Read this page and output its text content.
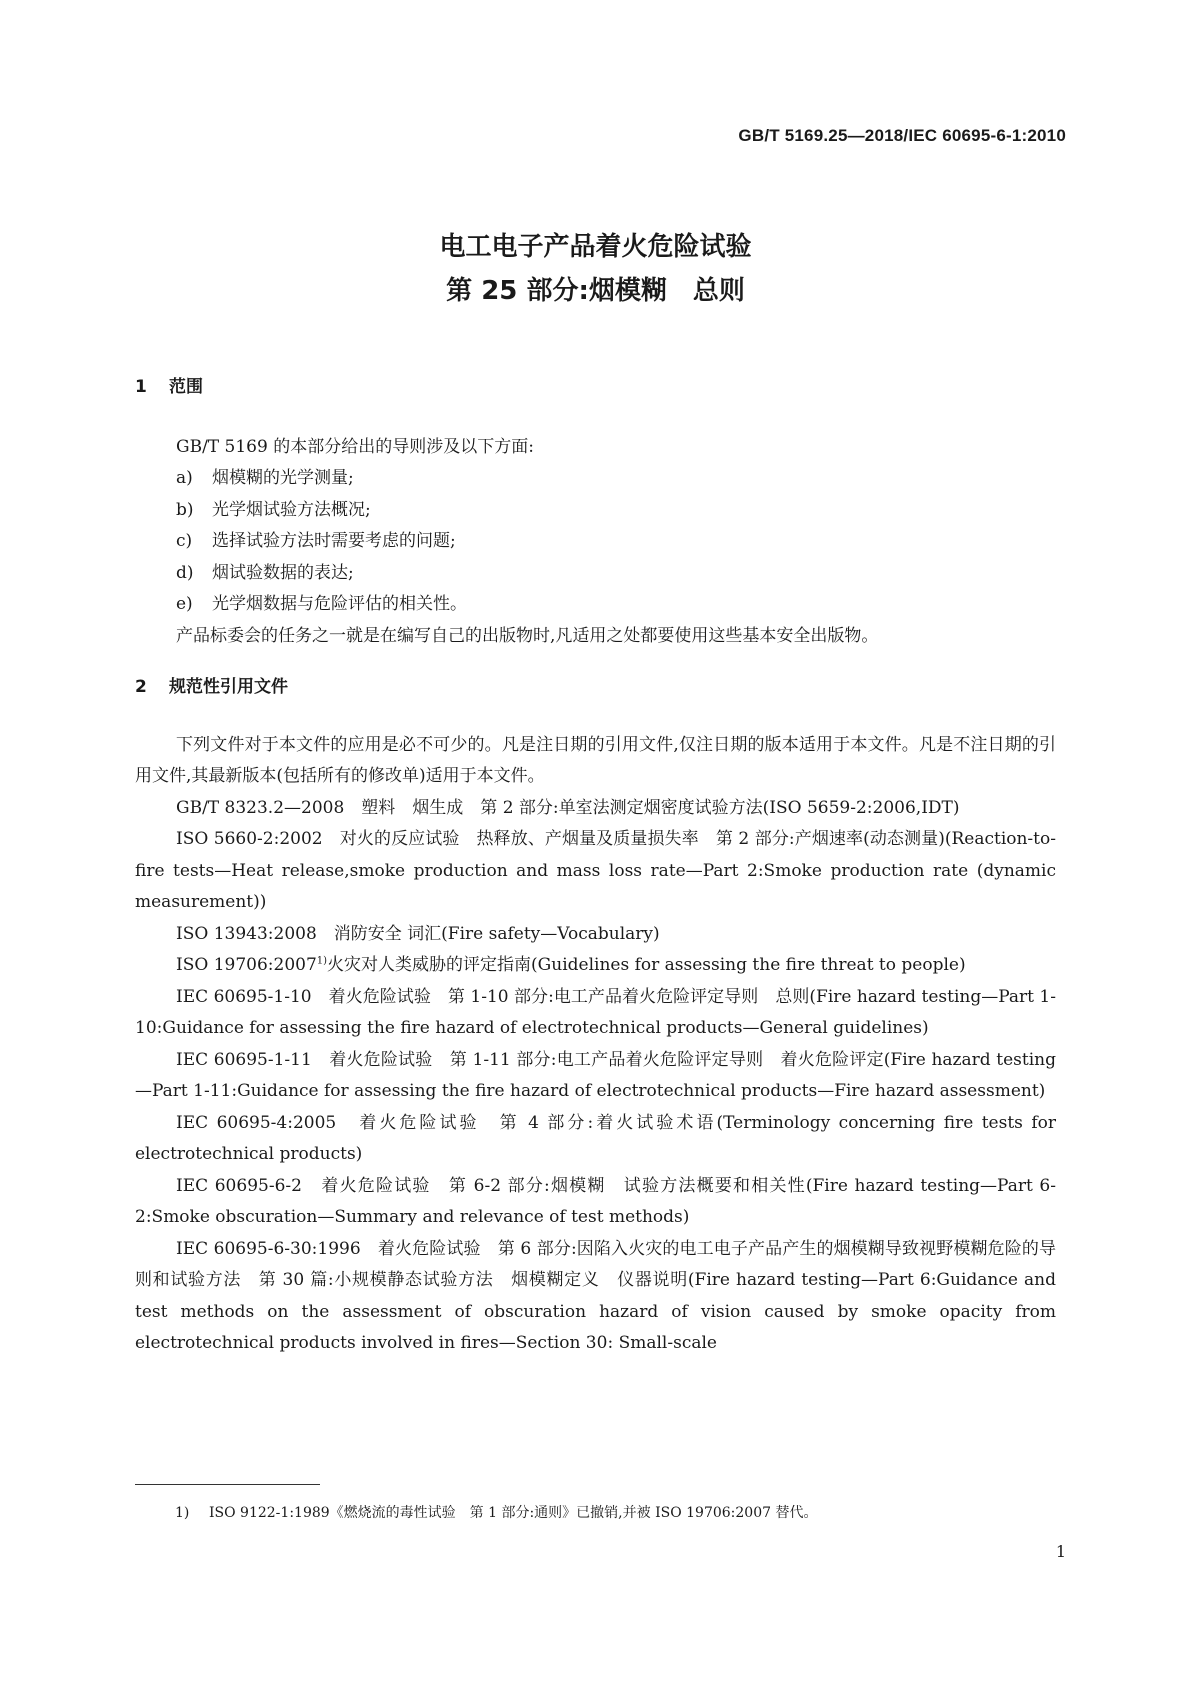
GB/T 5169.25—2018/IEC 60695-6-1:2010
电工电子产品着火危险试验
第 25 部分:烟模糊　总则
1 范围

GB/T 5169 的本部分给出的导则涉及以下方面:

a) 烟模糊的光学测量;
b) 光学烟试验方法概况;
c) 选择试验方法时需要考虑的问题;
d) 烟试验数据的表达;
e) 光学烟数据与危险评估的相关性。

产品标委会的任务之一就是在编写自己的出版物时,凡适用之处都要使用这些基本安全出版物。

2 规范性引用文件

下列文件对于本文件的应用是必不可少的。凡是注日期的引用文件,仅注日期的版本适用于本文件。凡是不注日期的引用文件,其最新版本(包括所有的修改单)适用于本文件。

GB/T 8323.2—2008　塑料　烟生成　第 2 部分:单室法测定烟密度试验方法(ISO 5659-2:2006,IDT)

ISO 5660-2:2002　对火的反应试验　热释放、产烟量及质量损失率　第 2 部分:产烟速率(动态测量)(Reaction-to-fire tests—Heat release,smoke production and mass loss rate—Part 2:Smoke production rate (dynamic measurement))

ISO 13943:2008　消防安全 词汇(Fire safety—Vocabulary)

ISO 19706:2007$^{1)}$火灾对人类威胁的评定指南(Guidelines for assessing the fire threat to people)

IEC 60695-1-10　着火危险试验　第 1-10 部分:电工产品着火危险评定导则　总则(Fire hazard testing—Part 1-10:Guidance for assessing the fire hazard of electrotechnical products—General guidelines)

IEC 60695-1-11　着火危险试验　第 1-11 部分:电工产品着火危险评定导则　着火危险评定(Fire hazard testing—Part 1-11:Guidance for assessing the fire hazard of electrotechnical products—Fire hazard assessment)

IEC 60695-4:2005　着火危险试验　第 4 部分:着火试验术语(Terminology concerning fire tests for electrotechnical products)

IEC 60695-6-2　着火危险试验　第 6-2 部分:烟模糊　试验方法概要和相关性(Fire hazard testing—Part 6-2:Smoke obscuration—Summary and relevance of test methods)

IEC 60695-6-30:1996　着火危险试验　第 6 部分:因陷入火灾的电工电子产品产生的烟模糊导致视野模糊危险的导则和试验方法　第 30 篇:小规模静态试验方法　烟模糊定义　仪器说明(Fire hazard testing—Part 6:Guidance and test methods on the assessment of obscuration hazard of vision caused by smoke opacity from electrotechnical products involved in fires—Section 30: Small-scale

1) ISO 9122-1:1989《燃烧流的毒性试验　第 1 部分:通则》已撤销,并被 ISO 19706:2007 替代。
1
